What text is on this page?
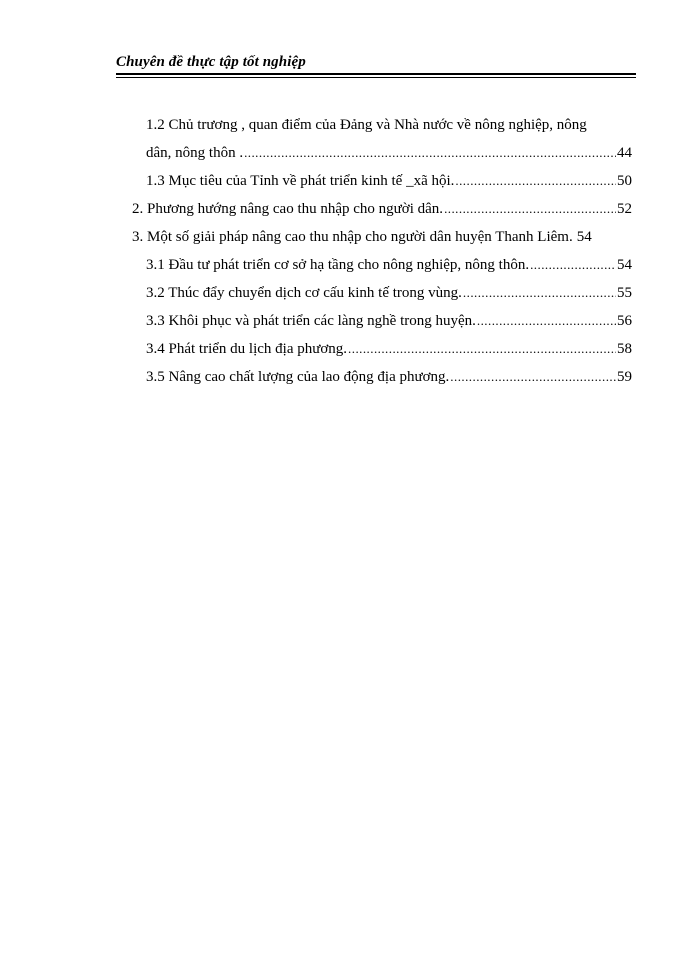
Chuyên đề thực tập tốt nghiệp
1.2 Chủ trương , quan điểm của Đảng và Nhà nước về nông nghiệp, nông
dân, nông thôn . . . .	44
1.3 Mục tiêu của Tỉnh về phát triển kinh tế _xã hội. . . .	50
2. Phương hướng nâng cao thu nhập cho người dân. . . .	52
3. Một số giải pháp nâng cao thu nhập cho người dân huyện Thanh Liêm. 54
3.1 Đầu tư phát triển cơ sở hạ tầng cho nông nghiệp, nông thôn. . . .	54
3.2 Thúc đẩy chuyển dịch cơ cấu kinh tế trong vùng. . . .	55
3.3 Khôi phục và phát triển các làng nghề trong huyện. . . .	56
3.4 Phát triển du lịch địa phương. . . .	58
3.5 Nâng cao chất lượng của lao động địa phương. . . .	59
